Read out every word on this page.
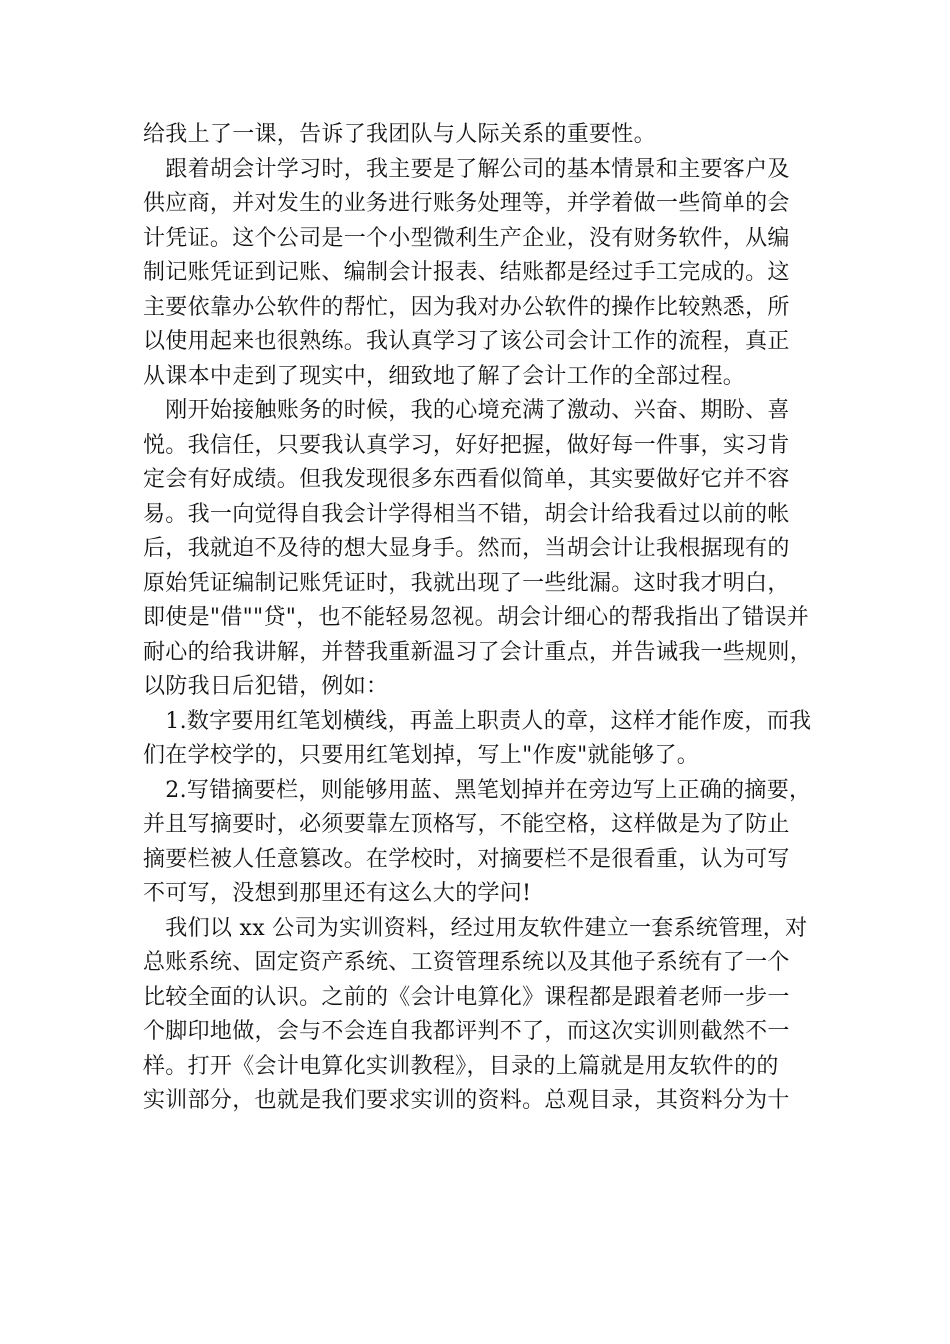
给我上了一课，告诉了我团队与人际关系的重要性。
　跟着胡会计学习时，我主要是了解公司的基本情景和主要客户及
供应商，并对发生的业务进行账务处理等，并学着做一些简单的会
计凭证。这个公司是一个小型微利生产企业，没有财务软件，从编
制记账凭证到记账、编制会计报表、结账都是经过手工完成的。这
主要依靠办公软件的帮忙，因为我对办公软件的操作比较熟悉，所
以使用起来也很熟练。我认真学习了该公司会计工作的流程，真正
从课本中走到了现实中，细致地了解了会计工作的全部过程。
　刚开始接触账务的时候，我的心境充满了激动、兴奋、期盼、喜
悦。我信任，只要我认真学习，好好把握，做好每一件事，实习肯
定会有好成绩。但我发现很多东西看似简单，其实要做好它并不容
易。我一向觉得自我会计学得相当不错，胡会计给我看过以前的帐
后，我就迫不及待的想大显身手。然而，当胡会计让我根据现有的
原始凭证编制记账凭证时，我就出现了一些纰漏。这时我才明白，
即使是"借""贷"，也不能轻易忽视。胡会计细心的帮我指出了错误并
耐心的给我讲解，并替我重新温习了会计重点，并告诫我一些规则，
以防我日后犯错，例如：
　1.数字要用红笔划横线，再盖上职责人的章，这样才能作废，而我
们在学校学的，只要用红笔划掉，写上"作废"就能够了。
　2.写错摘要栏，则能够用蓝、黑笔划掉并在旁边写上正确的摘要，
并且写摘要时，必须要靠左顶格写，不能空格，这样做是为了防止
摘要栏被人任意篡改。在学校时，对摘要栏不是很看重，认为可写
不可写，没想到那里还有这么大的学问!
　我们以 xx 公司为实训资料，经过用友软件建立一套系统管理，对
总账系统、固定资产系统、工资管理系统以及其他子系统有了一个
比较全面的认识。之前的《会计电算化》课程都是跟着老师一步一
个脚印地做，会与不会连自我都评判不了，而这次实训则截然不一
样。打开《会计电算化实训教程》，目录的上篇就是用友软件的的
实训部分，也就是我们要求实训的资料。总观目录，其资料分为十
